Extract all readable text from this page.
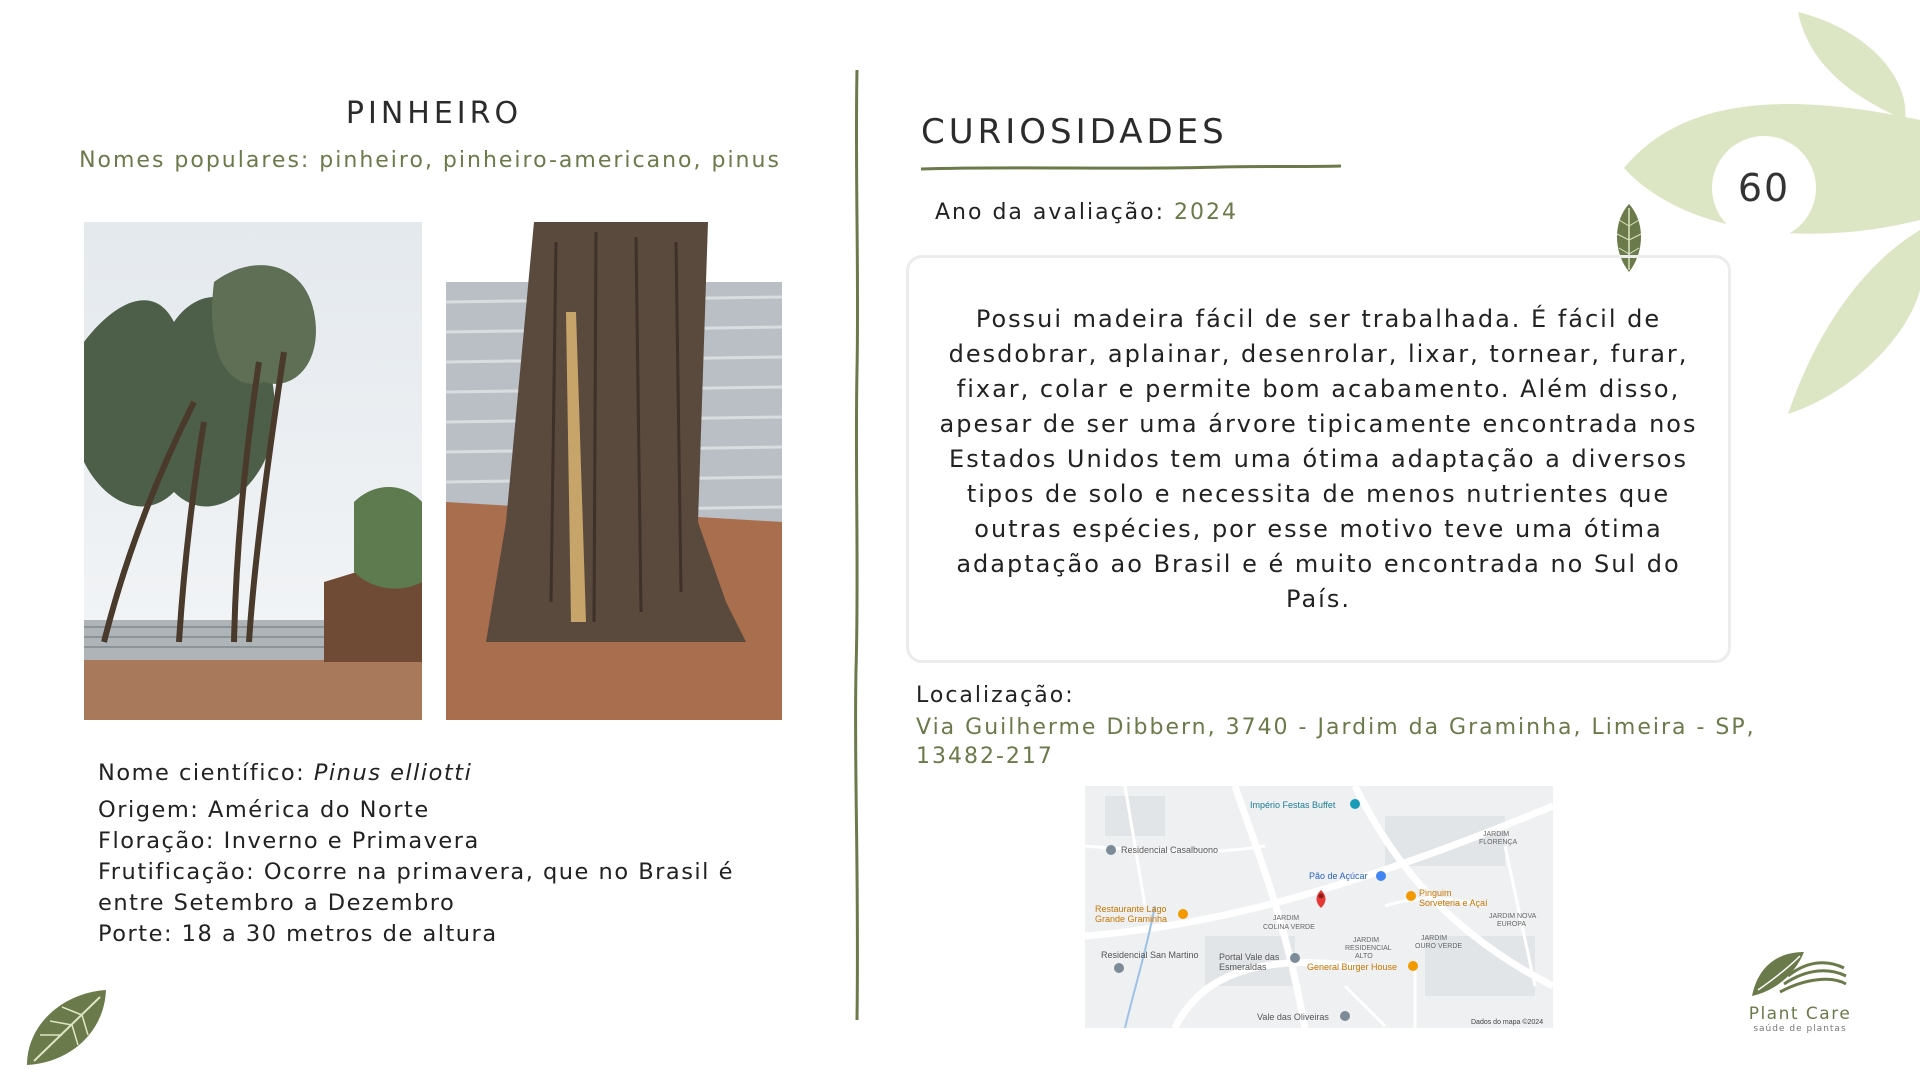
PINHEIRO
Nomes populares: pinheiro, pinheiro-americano, pinus
Nome científico: Pinus elliotti
Origem: América do Norte
Floração: Inverno e Primavera
Frutificação: Ocorre na primavera, que no Brasil é entre Setembro a Dezembro
Porte: 18 a 30 metros de altura
CURIOSIDADES
Ano da avaliação: 2024

Possui madeira fácil de ser trabalhada. É fácil de desdobrar, aplainar, desenrolar, lixar, tornear, furar, fixar, colar e permite bom acabamento. Além disso, apesar de ser uma árvore tipicamente encontrada nos Estados Unidos tem uma ótima adaptação a diversos tipos de solo e necessita de menos nutrientes que outras espécies, por esse motivo teve uma ótima adaptação ao Brasil e é muito encontrada no Sul do País.

Localização:
Via Guilherme Dibbern, 3740 - Jardim da Graminha, Limeira - SP, 13482-217
Império Festas Buffet
Residencial Casalbuono
Pão de Açúcar
Pinguim
Sorveteria e Açaí
Restaurante Lago
Grande Graminha	JARDIM
COLINA VERDE
JARDIM
RESIDENCIAL
ALTO
JARDIM
OURO VERDE
JARDIM
FLORENÇA
JARDIM NOVA
EUROPA
Residencial San Martino Portal Vale das
Esmeraldas	General Burger House
Vale das Oliveiras
Dados do mapa ©2024
60
Plant Care
saúde de plantas
